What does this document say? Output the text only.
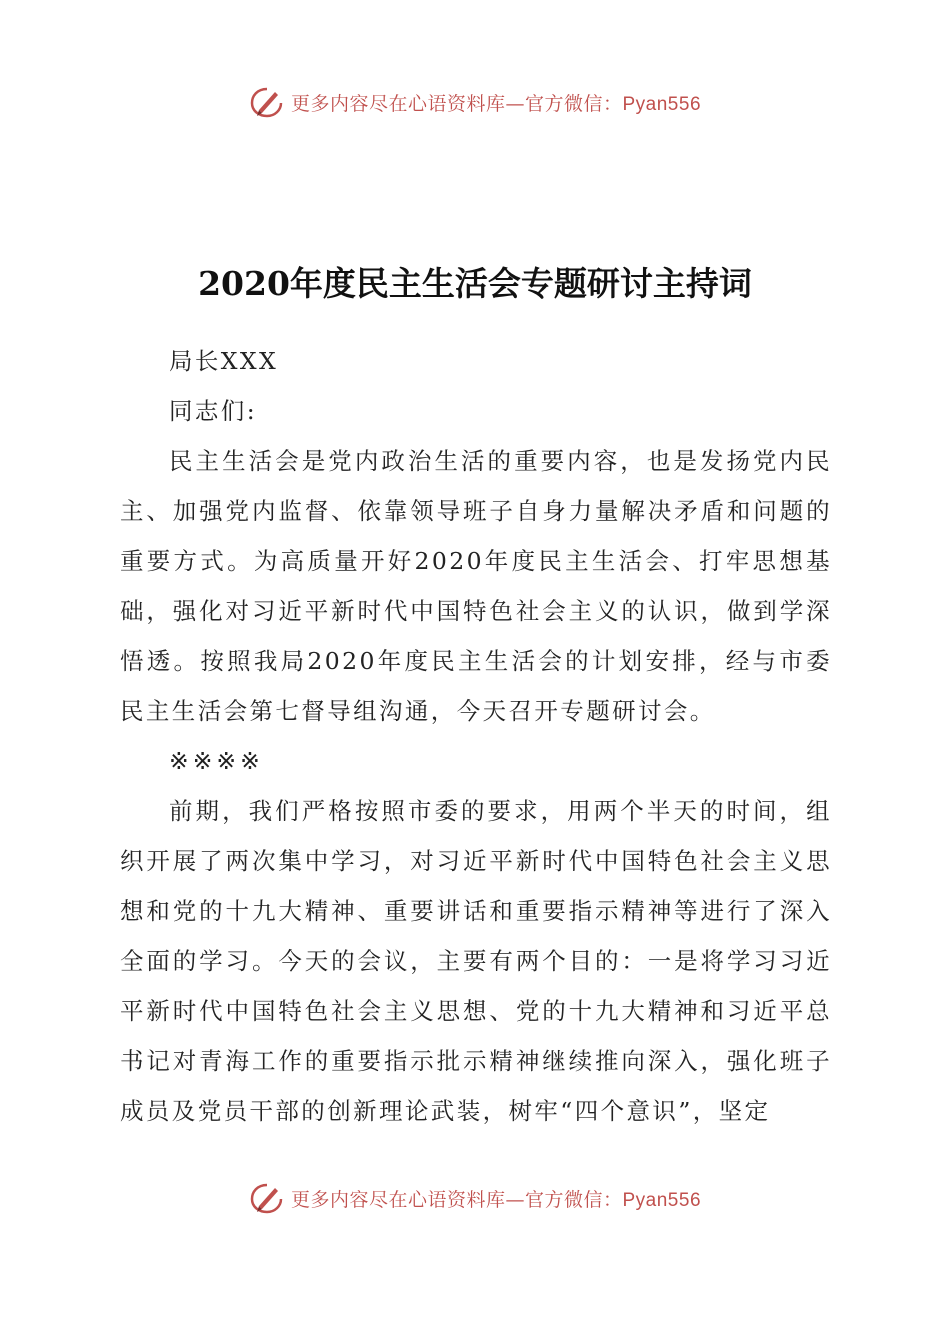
更多内容尽在心语资料库—官方微信：Pyan556
2020年度民主生活会专题研讨主持词

局长XXX

同志们:

民主生活会是党内政治生活的重要内容，也是发扬党内民主、加强党内监督、依靠领导班子自身力量解决矛盾和问题的重要方式。为高质量开好2020年度民主生活会、打牢思想基础，强化对习近平新时代中国特色社会主义的认识，做到学深悟透。按照我局2020年度民主生活会的计划安排，经与市委民主生活会第七督导组沟通，今天召开专题研讨会。

※※※※

前期，我们严格按照市委的要求，用两个半天的时间，组织开展了两次集中学习，对习近平新时代中国特色社会主义思想和党的十九大精神、重要讲话和重要指示精神等进行了深入全面的学习。今天的会议，主要有两个目的：一是将学习习近平新时代中国特色社会主义思想、党的十九大精神和习近平总书记对青海工作的重要指示批示精神继续推向深入，强化班子成员及党员干部的创新理论武装，树牢“四个意识”，坚定

更多内容尽在心语资料库—官方微信：Pyan556
